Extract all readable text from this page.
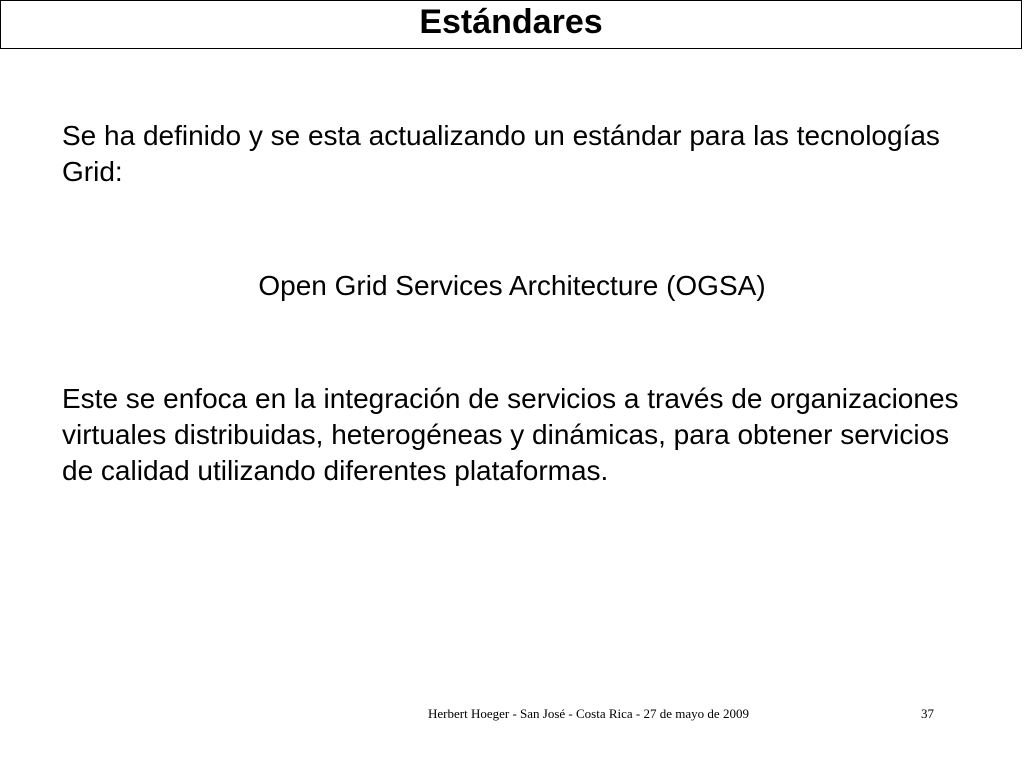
Estándares
Se ha definido y se esta actualizando un estándar para las tecnologías Grid:
Open Grid Services Architecture (OGSA)
Este se enfoca en la integración de servicios a través de organizaciones virtuales distribuidas, heterogéneas y dinámicas, para obtener servicios de calidad utilizando diferentes plataformas.
Herbert Hoeger - San José - Costa Rica - 27 de mayo de 2009	37
